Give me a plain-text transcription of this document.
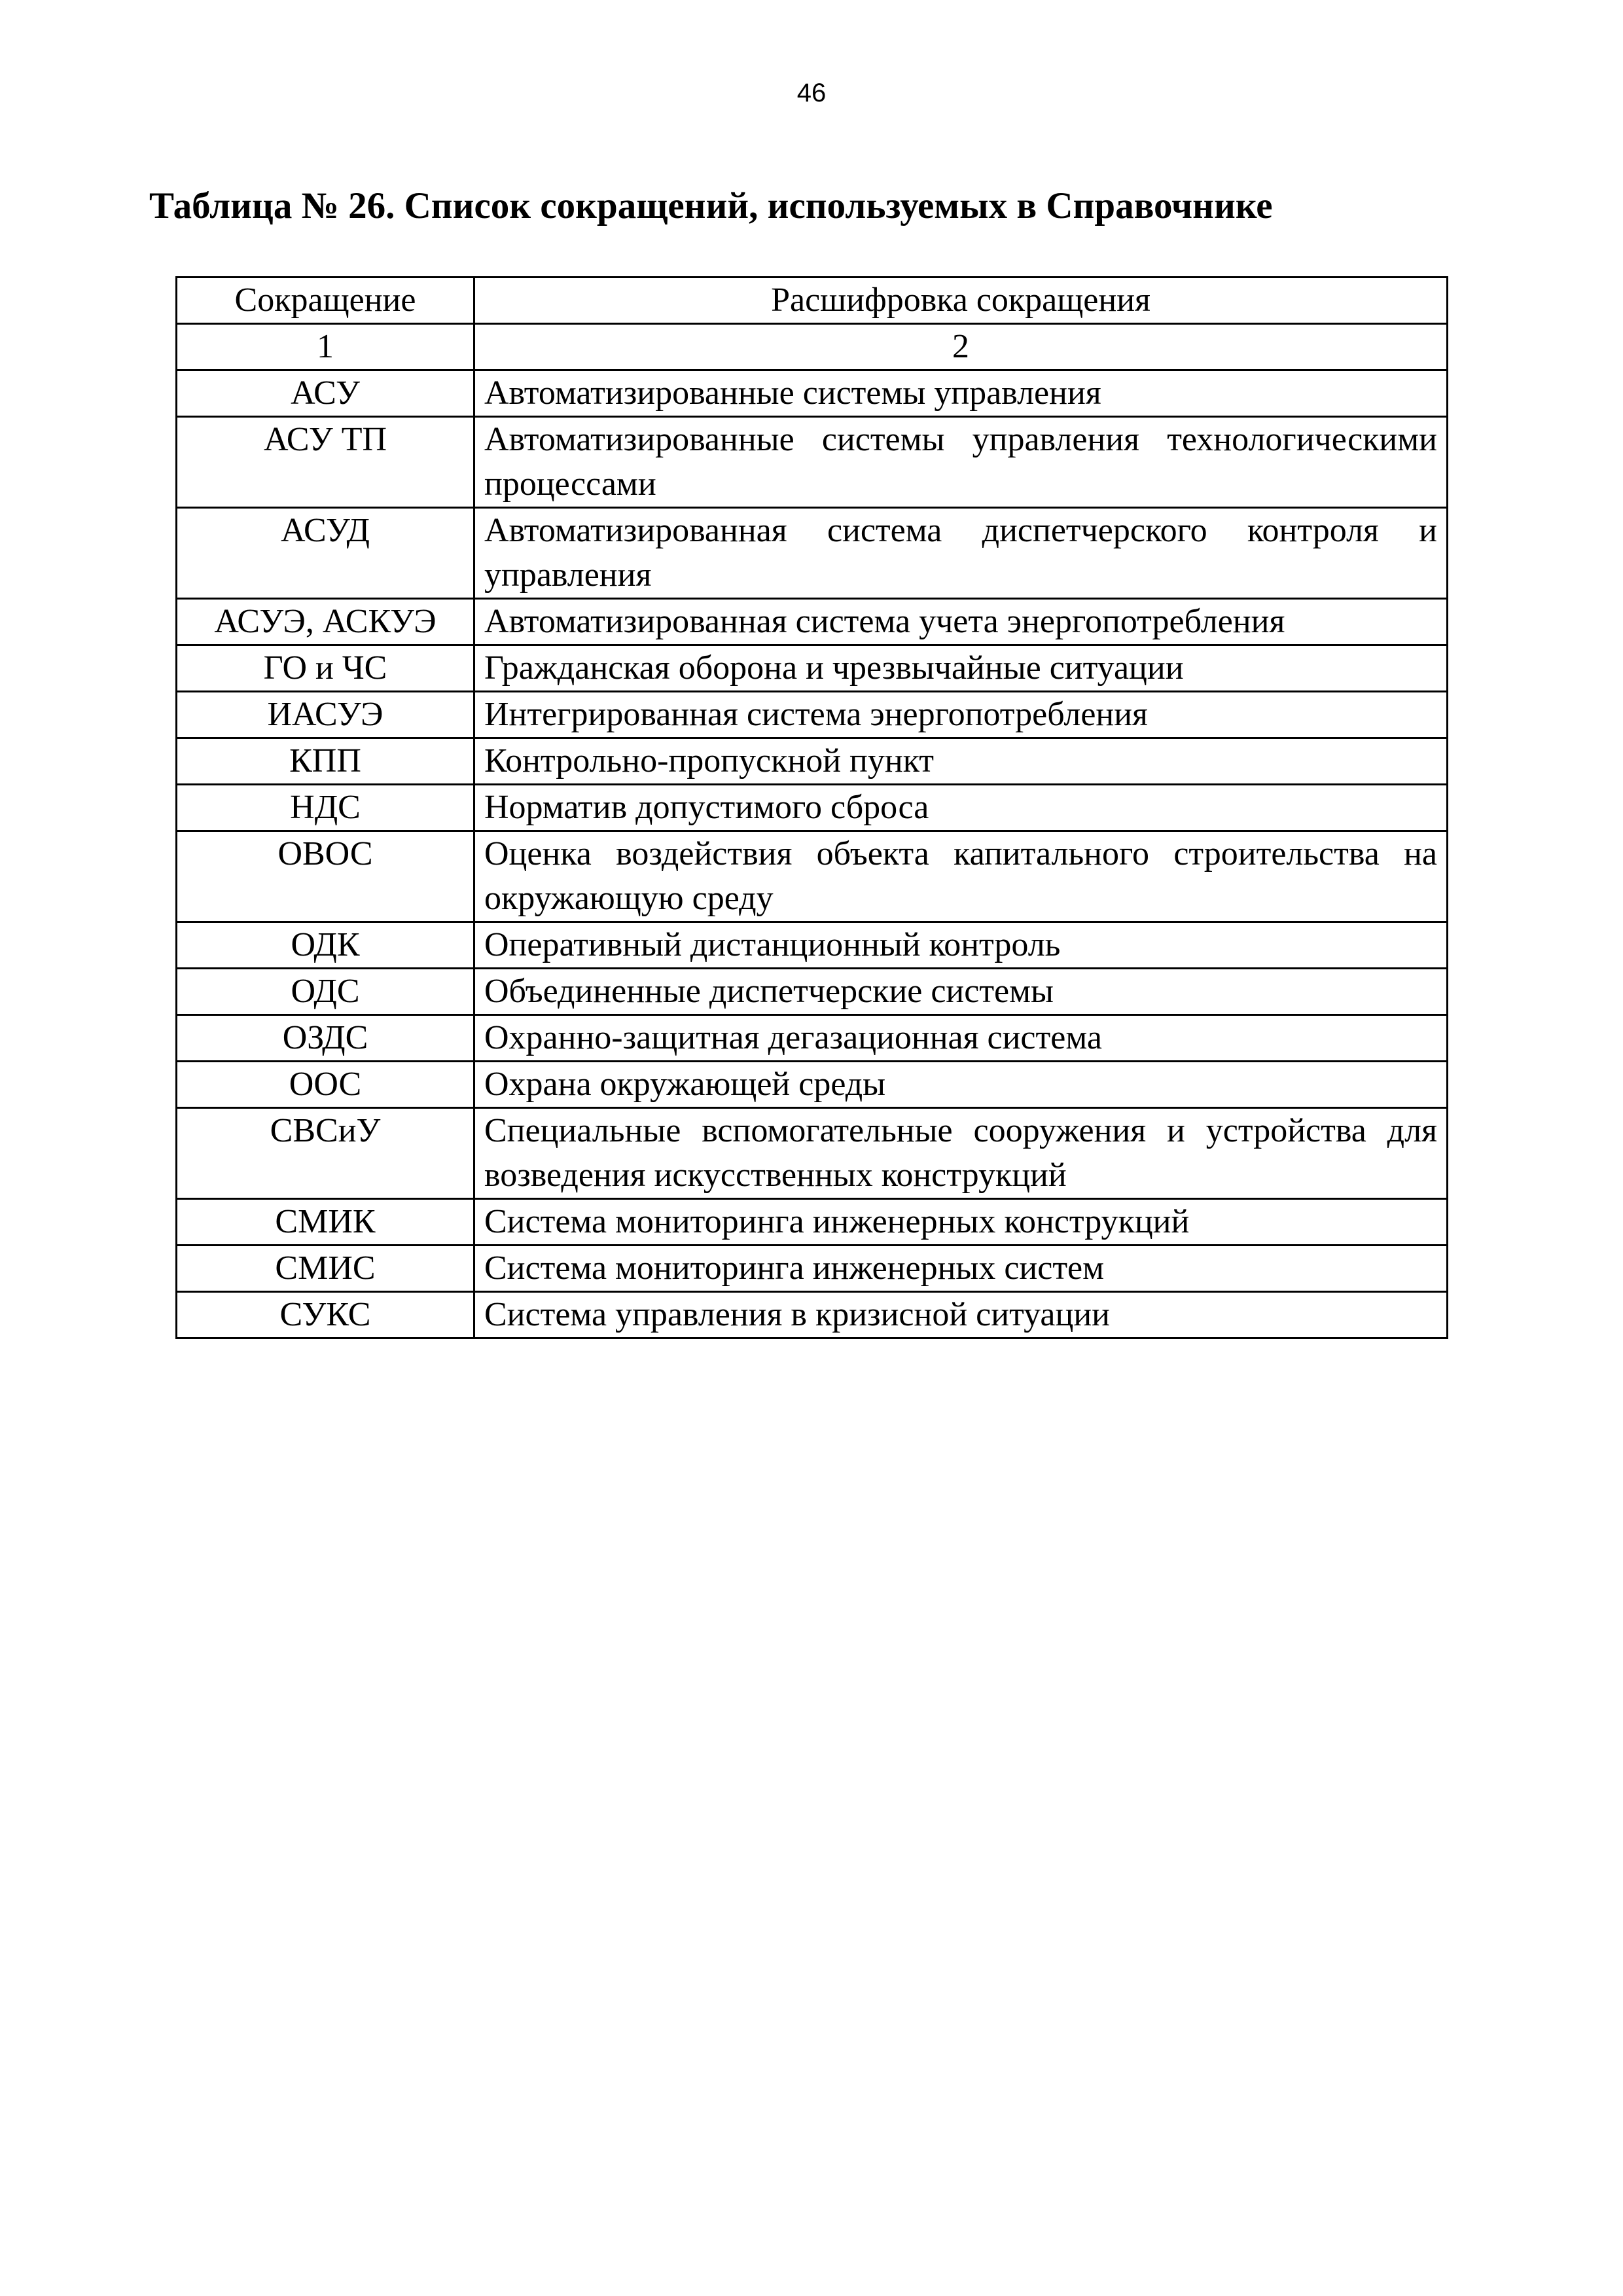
46
Таблица № 26. Список сокращений, используемых в Справочнике
Сокращение	Расшифровка сокращения
1	2
АСУ	Автоматизированные системы управления
АСУ ТП	Автоматизированные системы управления технологическими процессами
АСУД	Автоматизированная система диспетчерского контроля и управления
АСУЭ, АСКУЭ	Автоматизированная система учета энергопотребления
ГО и ЧС	Гражданская оборона и чрезвычайные ситуации
ИАСУЭ	Интегрированная система энергопотребления
КПП	Контрольно-пропускной пункт
НДС	Норматив допустимого сброса
ОВОС	Оценка воздействия объекта капитального строительства на окружающую среду
ОДК	Оперативный дистанционный контроль
ОДС	Объединенные диспетчерские системы
ОЗДС	Охранно-защитная дегазационная система
ООС	Охрана окружающей среды
СВСиУ	Специальные вспомогательные сооружения и устройства для возведения искусственных конструкций
СМИК	Система мониторинга инженерных конструкций
СМИС	Система мониторинга инженерных систем
СУКС	Система управления в кризисной ситуации
